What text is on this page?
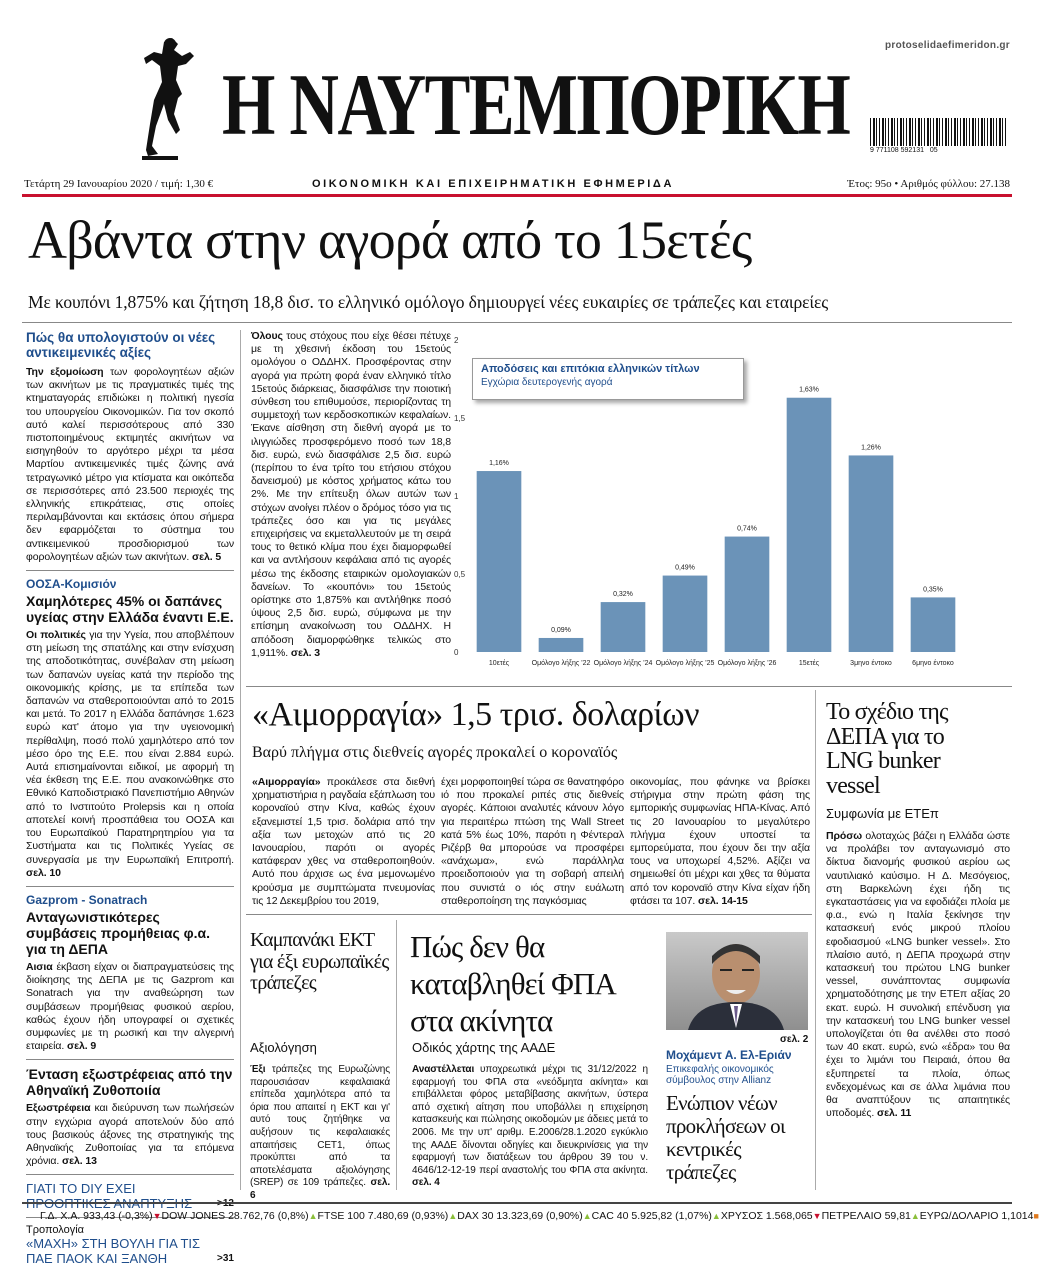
protoselidaefimeridon.gr
Η ΝΑΥΤΕΜΠΟΡΙΚΗ	9 771108 592131   05
Τετάρτη 29 Ιανουαρίου 2020 / τιμή: 1,30 €	ΟΙΚΟΝΟΜΙΚΗ ΚΑΙ ΕΠΙΧΕΙΡΗΜΑΤΙΚΗ ΕΦΗΜΕΡΙΔΑ	Έτος: 95ο • Αριθμός φύλλου: 27.138
Αβάντα στην αγορά από το 15ετές
Με κουπόνι 1,875% και ζήτηση 18,8 δισ. το ελληνικό ομόλογο δημιουργεί νέες ευκαιρίες σε τράπεζες και εταιρείες
Πώς θα υπολογιστούν οι νέες αντικειμενικές αξίες

Την εξομοίωση των φορολογητέων αξιών των ακινήτων με τις πραγματικές τιμές της κτηματαγοράς επιδιώκει η πολιτική ηγεσία του υπουργείου Οικονομικών. Για τον σκοπό αυτό καλεί περισσότερους από 330 πιστοποιημένους εκτιμητές ακινήτων να εισηγηθούν το αργότερο μέχρι τα μέσα Μαρτίου αντικειμενικές τιμές ζώνης ανά τετραγωνικό μέτρο για κτίσματα και οικόπεδα σε περισσότερες από 23.500 περιοχές της ελληνικής επικράτειας, στις οποίες περιλαμβάνονται και εκτάσεις όπου σήμερα δεν εφαρμόζεται το σύστημα του αντικειμενικού προσδιορισμού των φορολογητέων αξιών των ακινήτων. σελ. 5

ΟΟΣΑ-Κομισιόν
Χαμηλότερες 45% οι δαπάνες υγείας στην Ελλάδα έναντι Ε.Ε.

Οι πολιτικές για την Υγεία, που αποβλέπουν στη μείωση της σπατάλης και στην ενίσχυση της αποδοτικότητας, συνέβαλαν στη μείωση των δαπανών υγείας κατά την περίοδο της οικονομικής κρίσης, με τα επίπεδα των δαπανών να σταθεροποιούνται από το 2015 και μετά. Το 2017 η Ελλάδα δαπάνησε 1.623 ευρώ κατ' άτομο για την υγειονομική περίθαλψη, ποσό πολύ χαμηλότερο από τον μέσο όρο της Ε.Ε. που είναι 2.884 ευρώ. Αυτά επισημαίνονται ειδικοί, με αφορμή τη νέα έκθεση της Ε.Ε. που ανακοινώθηκε στο Εθνικό Καποδιστριακό Πανεπιστήμιο Αθηνών από το Ινστιτούτο Prolepsis και η οποία αποτελεί κοινή προσπάθεια του ΟΟΣΑ και του Ευρωπαϊκού Παρατηρητηρίου για τα Συστήματα και τις Πολιτικές Υγείας σε συνεργασία με την Ευρωπαϊκή Επιτροπή. σελ. 10

Gazprom - Sonatrach
Ανταγωνιστικότερες συμβάσεις προμήθειας φ.α. για τη ΔΕΠΑ

Αισια έκβαση είχαν οι διαπραγματεύσεις της διοίκησης της ΔΕΠΑ με τις Gazprom και Sonatrach για την αναθεώρηση των συμβάσεων προμήθειας φυσικού αερίου, καθώς έχουν ήδη υπογραφεί οι σχετικές συμφωνίες με τη ρωσική και την αλγερινή εταιρεία. σελ. 9

Ένταση εξωστρέφειας από την Αθηναϊκή Ζυθοποιία

Εξωστρέφεια και διεύρυνση των πωλήσεών στην εγχώρια αγορά αποτελούν δύο από τους βασικούς άξονες της στρατηγικής της Αθηναϊκής Ζυθοποιίας για τα επόμενα χρόνια. σελ. 13

ΓΙΑΤΙ ΤΟ DIY ΕΧΕΙ
Τροπολογία
«ΜΑΧΗ» ΣΤΗ ΒΟΥΛΗ ΓΙΑ ΤΙΣ ΠΑΕ ΠΑΟΚ ΚΑΙ ΞΑΝΘΗ	>31

Όλους τους στόχους που είχε θέσει πέτυχε με τη χθεσινή έκδοση του 15ετούς ομολόγου ο ΟΔΔΗΧ. Προσφέροντας στην αγορά για πρώτη φορά έναν ελληνικό τίτλο 15ετούς διάρκειας, διασφάλισε την ποιοτική σύνθεση του επιθυμούσε, περιορίζοντας τη συμμετοχή των κερδοσκοπικών κεφαλαίων. Έκανε αίσθηση στη διεθνή αγορά με το ιλιγγιώδες προσφερόμενο ποσό των 18,8 δισ. ευρώ, ενώ διασφάλισε 2,5 δισ. ευρώ (περίπου το ένα τρίτο του ετήσιου στόχου δανεισμού) με κόστος χρήματος κάτω του 2%. Με την επίτευξη όλων αυτών των στόχων ανοίγει πλέον ο δρόμος τόσο για τις τράπεζες όσο και για τις μεγάλες επιχειρήσεις να εκμεταλλευτούν με τη σειρά τους το θετικό κλίμα που έχει διαμορφωθεί και να αντλήσουν κεφάλαια από τις αγορές μέσω της έκδοσης εταιρικών ομολογιακών δανείων. Το «κουπόνι» του 15ετούς ορίστηκε στο 1,875% και αντλήθηκε ποσό ύψους 2,5 δισ. ευρώ, σύμφωνα με την επίσημη ανακοίνωση του ΟΔΔΗΧ. Η απόδοση διαμορφώθηκε τελικώς στο 1,911%. σελ. 3	0
0,5
1
1,5
2
1,16%
10ετές
0,09%
Ομόλογο λήξης '22
0,32%
Ομόλογο λήξης '24
0,49%
Ομόλογο λήξης '25
0,74%
Ομόλογο λήξης '26
1,63%
15ετές
1,26%
3μηνο έντοκο
0,35%
6μηνο έντοκο
Αποδόσεις και επιτόκια ελληνικών τίτλων
Εγχώρια δευτερογενής αγορά
«Αιμορραγία» 1,5 τρισ. δολαρίων
Βαρύ πλήγμα στις διεθνείς αγορές προκαλεί ο κοροναϊός

«Αιμορραγία» προκάλεσε στα διεθνή χρηματιστήρια η ραγδαία εξάπλωση του κοροναϊού στην Κίνα, καθώς έχουν εξανεμιστεί 1,5 τρισ. δολάρια από την αξία των μετοχών από τις 20 Ιανουαρίου, παρότι οι αγορές κατάφεραν χθες να σταθεροποιηθούν. Αυτό που άρχισε ως ένα μεμονωμένο κρούσμα με συμπτώματα πνευμονίας τις 12 Δεκεμβρίου του 2019,

έχει μορφοποιηθεί τώρα σε θανατηφόρο ιό που προκαλεί ριπές στις διεθνείς αγορές. Κάποιοι αναλυτές κάνουν λόγο για περαιτέρω πτώση της Wall Street κατά 5% έως 10%, παρότι η Φέντεραλ Ριζέρβ θα μπορούσε να προσφέρει «ανάχωμα», ενώ παράλληλα προειδοποιούν για τη σοβαρή απειλή που συνιστά ο ιός στην ευάλωτη σταθεροποίηση της παγκόσμιας

οικονομίας, που φάνηκε να βρίσκει στήριγμα στην πρώτη φάση της εμπορικής συμφωνίας ΗΠΑ-Κίνας. Από τις 20 Ιανουαρίου το μεγαλύτερο πλήγμα έχουν υποστεί τα εμπορεύματα, που έχουν δει την αξία τους να υποχωρεί 4,52%. Αξίζει να σημειωθεί ότι μέχρι και χθες τα θύματα από τον κοροναϊό στην Κίνα είχαν ήδη φτάσει τα 107. σελ. 14-15

Το σχέδιο της ΔΕΠΑ για το LNG bunker vessel
Συμφωνία με ΕΤΕπ

Πρόσω ολοταχώς βάζει η Ελλάδα ώστε να προλάβει τον ανταγωνισμό στο δίκτυα διανομής φυσικού αερίου ως ναυτιλιακό καύσιμο. Η Δ. Μεσόγειος, στη Βαρκελώνη έχει ήδη τις εγκαταστάσεις για να εφοδιάζει πλοία με φ.α., ενώ η Ιταλία ξεκίνησε την κατασκευή ενός μικρού πλοίου εφοδιασμού «LNG bunker vessel». Στο πλαίσιο αυτό, η ΔΕΠΑ προχωρά στην κατασκευή του πρώτου LNG bunker vessel, συνάπτοντας συμφωνία χρηματοδότησης με την ΕΤΕπ αξίας 20 εκατ. ευρώ. Η συνολική επένδυση για την κατασκευή του LNG bunker vessel υπολογίζεται ότι θα ανέλθει στο ποσό των 40 εκατ. ευρώ, ενώ «έδρα» του θα έχει το λιμάνι του Πειραιά, όπου θα εξυπηρετεί τα πλοία, όπως ενδεχομένως και σε άλλα λιμάνια που θα αναπτύξουν τις απαιτητικές υποδομές. σελ. 11

Καμπανάκι ΕΚΤ για έξι ευρωπαϊκές τράπεζες
Αξιολόγηση

Έξι τράπεζες της Ευρωζώνης παρουσιάσαν κεφαλαιακά επίπεδα χαμηλότερα από τα όρια που απαιτεί η ΕΚΤ και γι' αυτό τους ζητήθηκε να αυξήσουν τις κεφαλαιακές απαιτήσεις CET1, όπως προκύπτει από τα αποτελέσματα αξιολόγησης (SREP) σε 109 τράπεζες. σελ. 6

Πώς δεν θα καταβληθεί ΦΠΑ στα ακίνητα
Οδικός χάρτης της ΑΑΔΕ

Αναστέλλεται υποχρεωτικά μέχρι τις 31/12/2022 η εφαρμογή του ΦΠΑ στα «νεόδμητα ακίνητα» και επιβάλλεται φόρος μεταβίβασης ακινήτων, ύστερα από σχετική αίτηση που υποβάλλει η επιχείρηση κατασκευής και πώλησης οικοδομών με άδειες μετά το 2006. Με την υπ' αριθμ. Ε.2006/28.1.2020 εγκύκλιο της ΑΑΔΕ δίνονται οδηγίες και διευκρινίσεις για την εφαρμογή των διατάξεων του άρθρου 39 του ν. 4646/12-12-19 περί αναστολής του ΦΠΑ στα ακίνητα. σελ. 4

σελ. 2
Μοχάμεντ Α. Ελ-Εριάν
Επικεφαλής οικονομικός σύμβουλος στην Allianz
Ενώπιον νέων προκλήσεων οι κεντρικές τράπεζες
Γ.Δ. Χ.Α. 933,43 (-0,3%)▼ DOW JONES 28.762,76 (0,8%)▲ FTSE 100 7.480,69 (0,93%)▲ DAX 30 13.323,69 (0,90%)▲ CAC 40 5.925,82 (1,07%)▲ ΧΡΥΣΟΣ 1.568,065▼ ΠΕΤΡΕΛΑΙΟ 59,81▲ ΕΥΡΩ/ΔΟΛΑΡΙΟ 1,1014■
